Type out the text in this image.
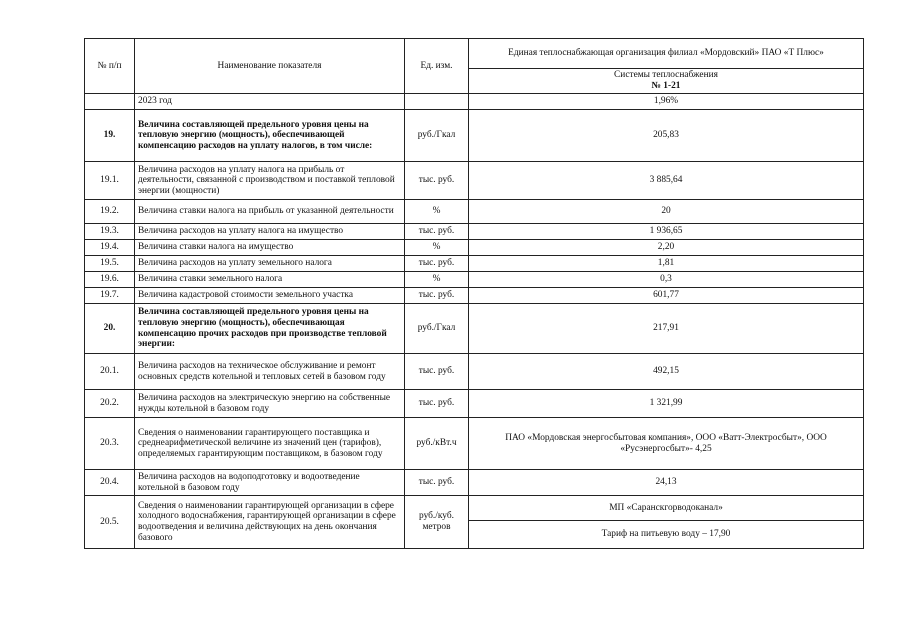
№ п/п	Наименование показателя	Ед. изм.	Единая теплоснабжающая организация филиал «Мордовский» ПАО «Т Плюс»

			Системы теплоснабжения
№ 1-21

	2023 год		1,96%
19.	Величина составляющей предельного уровня цены на тепловую энергию (мощность), обеспечивающей компенсацию расходов на уплату налогов, в том числе:	руб./Гкал	205,83
19.1.	Величина расходов на уплату налога на прибыль от деятельности, связанной с производством и поставкой тепловой энергии (мощности)	тыс. руб.	3 885,64
19.2.	Величина ставки налога на прибыль от указанной деятельности	%	20
19.3.	Величина расходов на уплату налога на имущество	тыс. руб.	1 936,65
19.4.	Величина ставки налога на имущество	%	2,20
19.5.	Величина расходов на уплату земельного налога	тыс. руб.	1,81
19.6.	Величина ставки земельного налога	%	0,3
19.7.	Величина кадастровой стоимости земельного участка	тыс. руб.	601,77
20.	Величина составляющей предельного уровня цены на тепловую энергию (мощность), обеспечивающая компенсацию прочих расходов при производстве тепловой энергии:	руб./Гкал	217,91
20.1.	Величина расходов на техническое обслуживание и ремонт основных средств котельной и тепловых сетей в базовом году	тыс. руб.	492,15
20.2.	Величина расходов на электрическую энергию на собственные нужды котельной в базовом году	тыс. руб.	1 321,99
20.3.	Сведения о наименовании гарантирующего поставщика и среднеарифметической величине из значений цен (тарифов), определяемых гарантирующим поставщиком, в базовом году	руб./кВт.ч	ПАО «Мордовская энергосбытовая компания», ООО «Ватт-Электросбыт», ООО «Русэнергосбыт»- 4,25
20.4.	Величина расходов на водоподготовку и водоотведение котельной в базовом году	тыс. руб.	24,13
20.5.	Сведения о наименовании гарантирующей организации в сфере холодного водоснабжения, гарантирующей организации в сфере водоотведения и величина действующих на день окончания базового	руб./куб. метров	МП «Саранскгорводоканал»
			Тариф на питьевую воду – 17,90
